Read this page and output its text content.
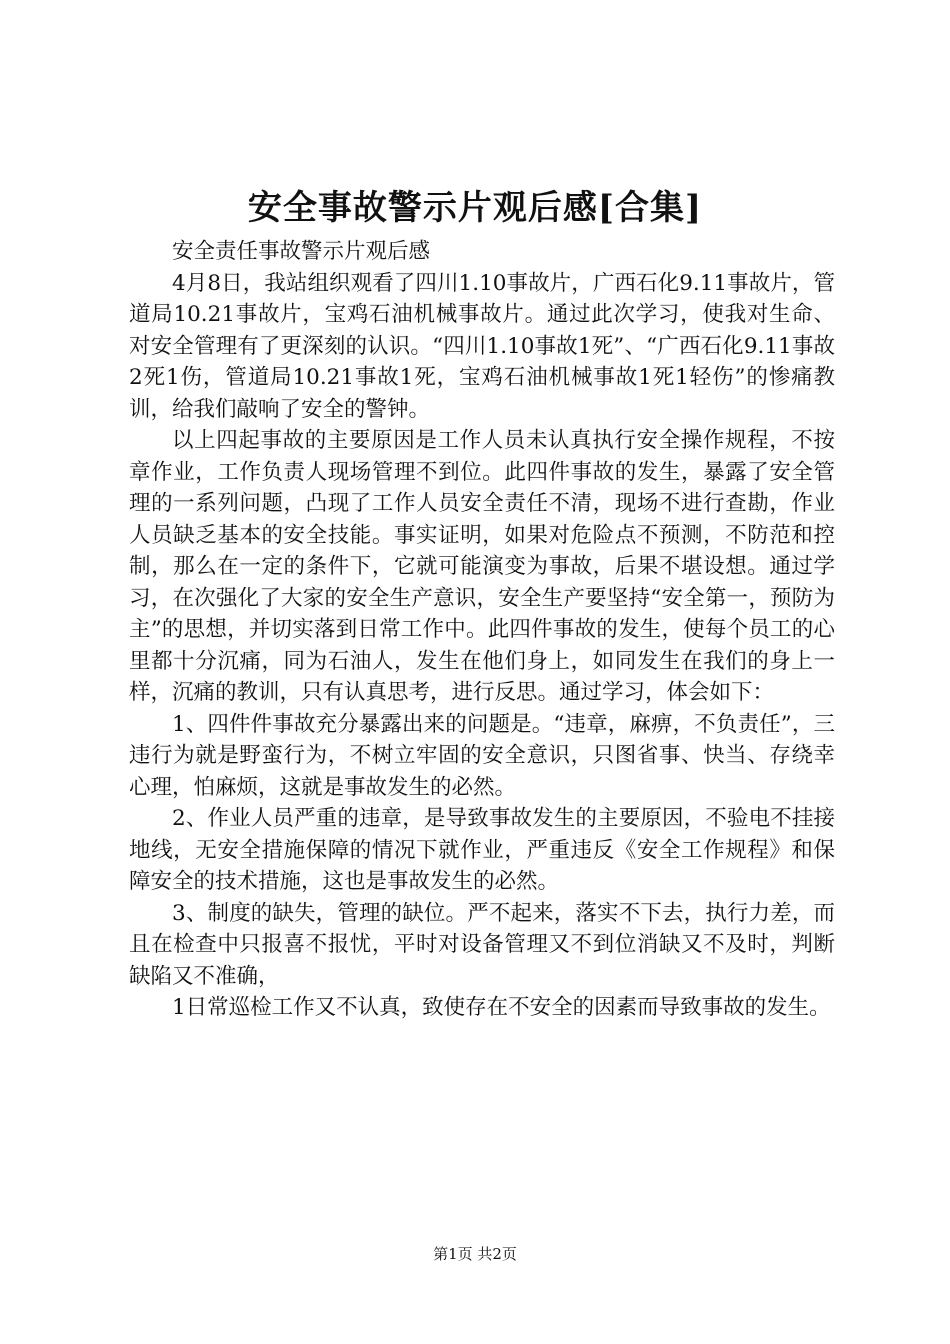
安全事故警示片观后感[合集]

安全责任事故警示片观后感

4月8日，我站组织观看了四川1.10事故片，广西石化9.11事故片，管道局10.21事故片，宝鸡石油机械事故片。通过此次学习，使我对生命、对安全管理有了更深刻的认识。“四川1.10事故1死”、“广西石化9.11事故2死1伤，管道局10.21事故1死，宝鸡石油机械事故1死1轻伤”的惨痛教训，给我们敲响了安全的警钟。

以上四起事故的主要原因是工作人员未认真执行安全操作规程，不按章作业，工作负责人现场管理不到位。此四件事故的发生，暴露了安全管理的一系列问题，凸现了工作人员安全责任不清，现场不进行查勘，作业人员缺乏基本的安全技能。事实证明，如果对危险点不预测，不防范和控制，那么在一定的条件下，它就可能演变为事故，后果不堪设想。通过学习，在次强化了大家的安全生产意识，安全生产要坚持“安全第一，预防为主”的思想，并切实落到日常工作中。此四件事故的发生，使每个员工的心里都十分沉痛，同为石油人，发生在他们身上，如同发生在我们的身上一样，沉痛的教训，只有认真思考，进行反思。通过学习，体会如下：

1、四件件事故充分暴露出来的问题是。“违章，麻痹，不负责任”，三违行为就是野蛮行为，不树立牢固的安全意识，只图省事、快当、存绕幸心理，怕麻烦，这就是事故发生的必然。

2、作业人员严重的违章，是导致事故发生的主要原因，不验电不挂接地线，无安全措施保障的情况下就作业，严重违反《安全工作规程》和保障安全的技术措施，这也是事故发生的必然。

3、制度的缺失，管理的缺位。严不起来，落实不下去，执行力差，而且在检查中只报喜不报忧，平时对设备管理又不到位消缺又不及时，判断缺陷又不准确，

1日常巡检工作又不认真，致使存在不安全的因素而导致事故的发生。

第1页 共2页
